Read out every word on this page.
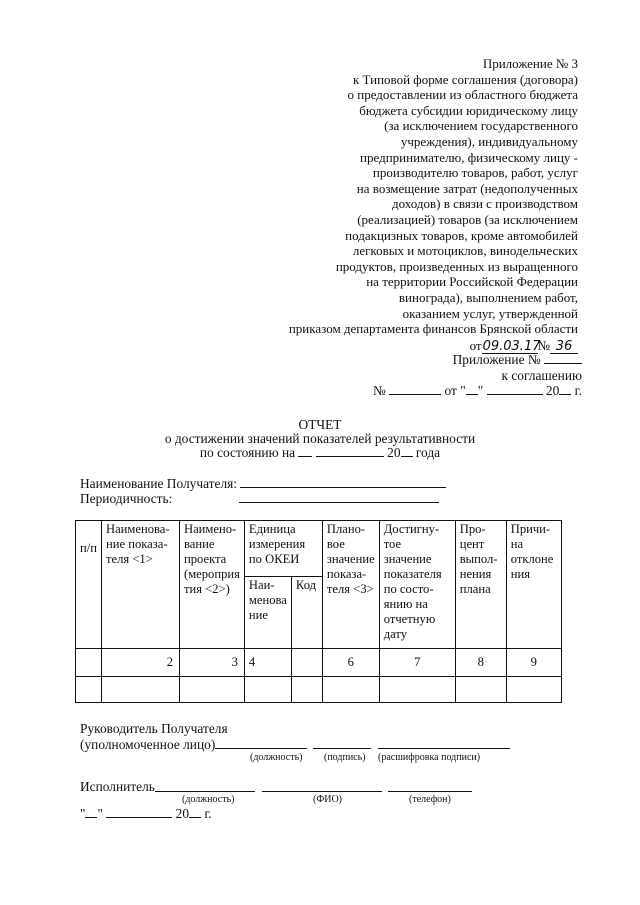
Приложение № 3
к Типовой форме соглашения (договора)
о предоставлении из областного бюджета
бюджета субсидии юридическому лицу
(за исключением государственного
учреждения), индивидуальному
предпринимателю, физическому лицу -
производителю товаров, работ, услуг
на возмещение затрат (недополученных
доходов) в связи с производством
(реализацией) товаров (за исключением
подакцизных товаров, кроме автомобилей
легковых и мотоциклов, винодельческих
продуктов, произведенных из выращенного
на территории Российской Федерации
винограда), выполнением работ,
оказанием услуг, утвержденной
приказом департамента финансов Брянской области
от09.03.17№ 36
Приложение №
к соглашению
№	от " "	20 г.
ОТЧЕТ
о достижении значений показателей результативности
по состоянию на	20 года
Наименование Получателя:
Периодичность:
п/п	Наименова-ние показа-теля <1>	Наимено-вание проекта (мероприя тия <2>)	Единица измерения по ОКЕИ		Плано-вое значение показа-теля <3>	Достигну-тое значение показателя по состо-янию на отчетную дату	Про-цент выпол-нения плана	Причи-на отклоне ния
			Наи-менова ние	Код				
	2	3	4		6	7	8	9

Руководитель Получателя
(уполномоченное лицо)
(должность) (подпись) (расшифровка подписи)
Исполнитель
(должность)	(ФИО)	(телефон)
" "	20 г.
